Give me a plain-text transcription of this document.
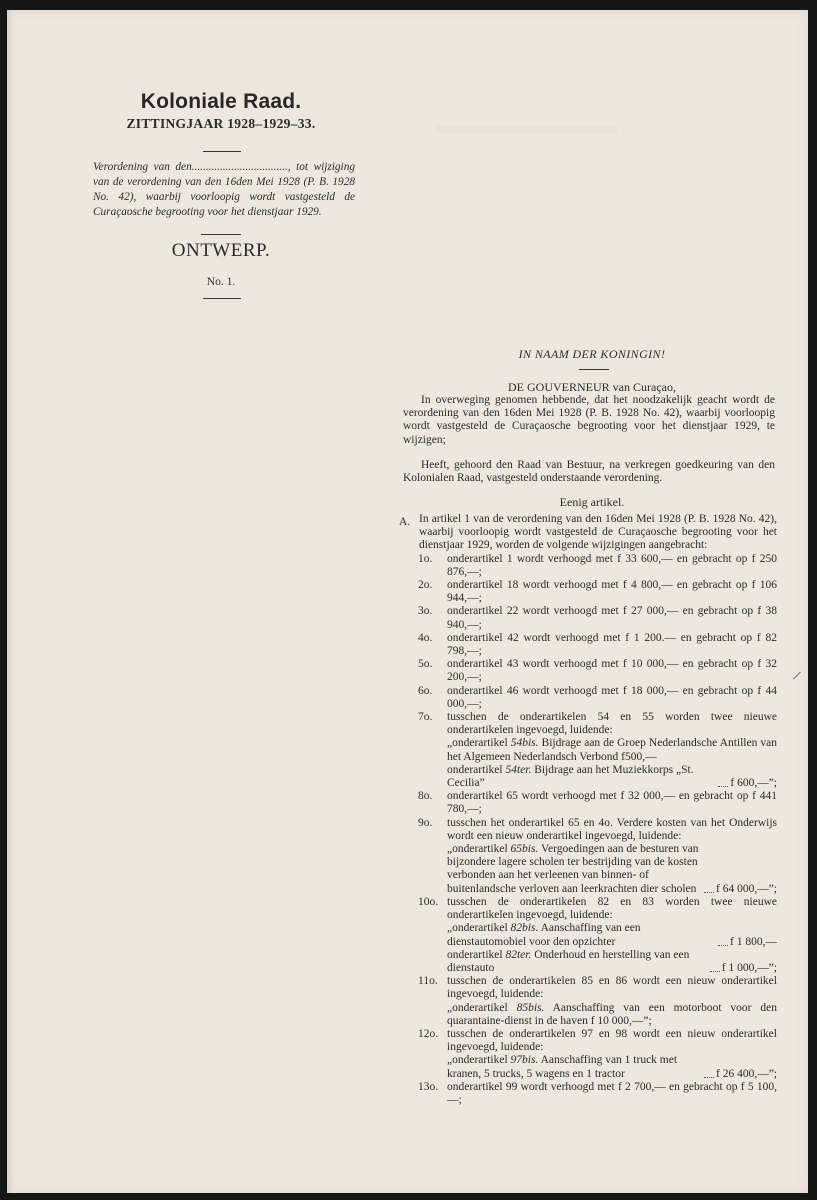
Koloniale Raad.
ZITTINGJAAR 1928–1929–33.
Verordening van den.................................., tot wijziging van de verordening van den 16den Mei 1928 (P. B. 1928 No. 42), waarbij voorloopig wordt vastgesteld de Curaçaosche begrooting voor het dienstjaar 1929.
ONTWERP.
No. 1.
IN NAAM DER KONINGIN!
DE GOUVERNEUR van Curaçao,
In overweging genomen hebbende, dat het noodzakelijk geacht wordt de verordening van den 16den Mei 1928 (P. B. 1928 No. 42), waarbij voorloopig wordt vastgesteld de Curaçaosche begrooting voor het dienstjaar 1929, te wijzigen;
Heeft, gehoord den Raad van Bestuur, na verkregen goedkeuring van den Kolonialen Raad, vastgesteld onderstaande verordening.
Eenig artikel.
A. In artikel 1 van de verordening van den 16den Mei 1928 (P. B. 1928 No. 42), waarbij voorloopig wordt vastgesteld de Curaçaosche begrooting voor het dienstjaar 1929, worden de volgende wijzigingen aangebracht:
1o. onderartikel 1 wordt verhoogd met f 33 600,— en gebracht op f 250 876,—;
2o. onderartikel 18 wordt verhoogd met f 4 800,— en gebracht op f 106 944,—;
3o. onderartikel 22 wordt verhoogd met f 27 000,— en gebracht op f 38 940,—;
4o. onderartikel 42 wordt verhoogd met f 1 200.— en gebracht op f 82 798,—;
5o. onderartikel 43 wordt verhoogd met f 10 000,— en gebracht op f 32 200,—;
6o. onderartikel 46 wordt verhoogd met f 18 000,— en gebracht op f 44 000,—;
7o. tusschen de onderartikelen 54 en 55 worden twee nieuwe onderartikelen ingevoegd, luidende:
„onderartikel 54bis. Bijdrage aan de Groep Nederlandsche Antillen van het Algemeen Nederlandsch Verbond f500,—
onderartikel 54ter. Bijdrage aan het Muziekkorps „St. Cecilia”	f 600,—”;
8o. onderartikel 65 wordt verhoogd met f 32 000,— en gebracht op f 441 780,—;
9o. tusschen het onderartikel 65 en 4o. Verdere kosten van het Onderwijs wordt een nieuw onderartikel ingevoegd, luidende:
„onderartikel 65bis. Vergoedingen aan de besturen van bijzondere lagere scholen ter bestrijding van de kosten verbonden aan het verleenen van binnen- of buitenlandsche verloven aan leerkrachten dier scholen	f 64 000,—”;
10o. tusschen de onderartikelen 82 en 83 worden twee nieuwe onderartikelen ingevoegd, luidende:
„onderartikel 82bis. Aanschaffing van een dienstautomobiel voor den opzichter	f 1 800,—
onderartikel 82ter. Onderhoud en herstelling van een dienstauto	f 1 000,—”;
11o. tusschen de onderartikelen 85 en 86 wordt een nieuw onderartikel ingevoegd, luidende:
„onderartikel 85bis. Aanschaffing van een motorboot voor den quarantaine-dienst in de haven f 10 000,—”;
12o. tusschen de onderartikelen 97 en 98 wordt een nieuw onderartikel ingevoegd, luidende:
„onderartikel 97bis. Aanschaffing van 1 truck met kranen, 5 trucks, 5 wagens en 1 tractor	f 26 400,—”;
13o. onderartikel 99 wordt verhoogd met f 2 700,— en gebracht op f 5 100,—;
